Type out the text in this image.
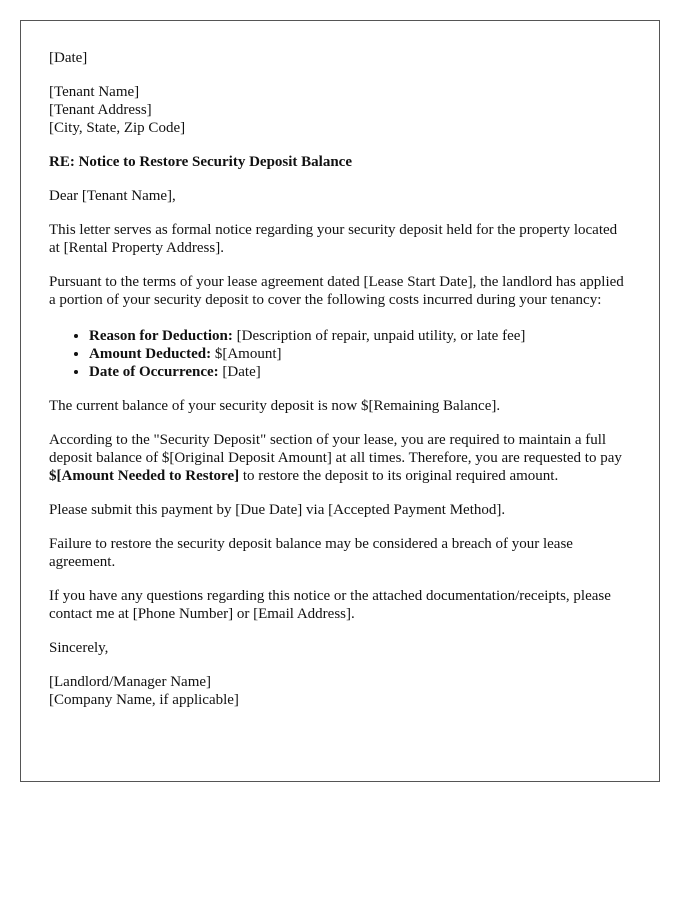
[Date]

[Tenant Name]
[Tenant Address]
[City, State, Zip Code]

RE: Notice to Restore Security Deposit Balance

Dear [Tenant Name],

This letter serves as formal notice regarding your security deposit held for the property located at [Rental Property Address].

Pursuant to the terms of your lease agreement dated [Lease Start Date], the landlord has applied a portion of your security deposit to cover the following costs incurred during your tenancy:

• Reason for Deduction: [Description of repair, unpaid utility, or late fee]
• Amount Deducted: $[Amount]
• Date of Occurrence: [Date]

The current balance of your security deposit is now $[Remaining Balance].

According to the "Security Deposit" section of your lease, you are required to maintain a full deposit balance of $[Original Deposit Amount] at all times. Therefore, you are requested to pay $[Amount Needed to Restore] to restore the deposit to its original required amount.

Please submit this payment by [Due Date] via [Accepted Payment Method].

Failure to restore the security deposit balance may be considered a breach of your lease agreement.

If you have any questions regarding this notice or the attached documentation/receipts, please contact me at [Phone Number] or [Email Address].

Sincerely,

[Landlord/Manager Name]
[Company Name, if applicable]
